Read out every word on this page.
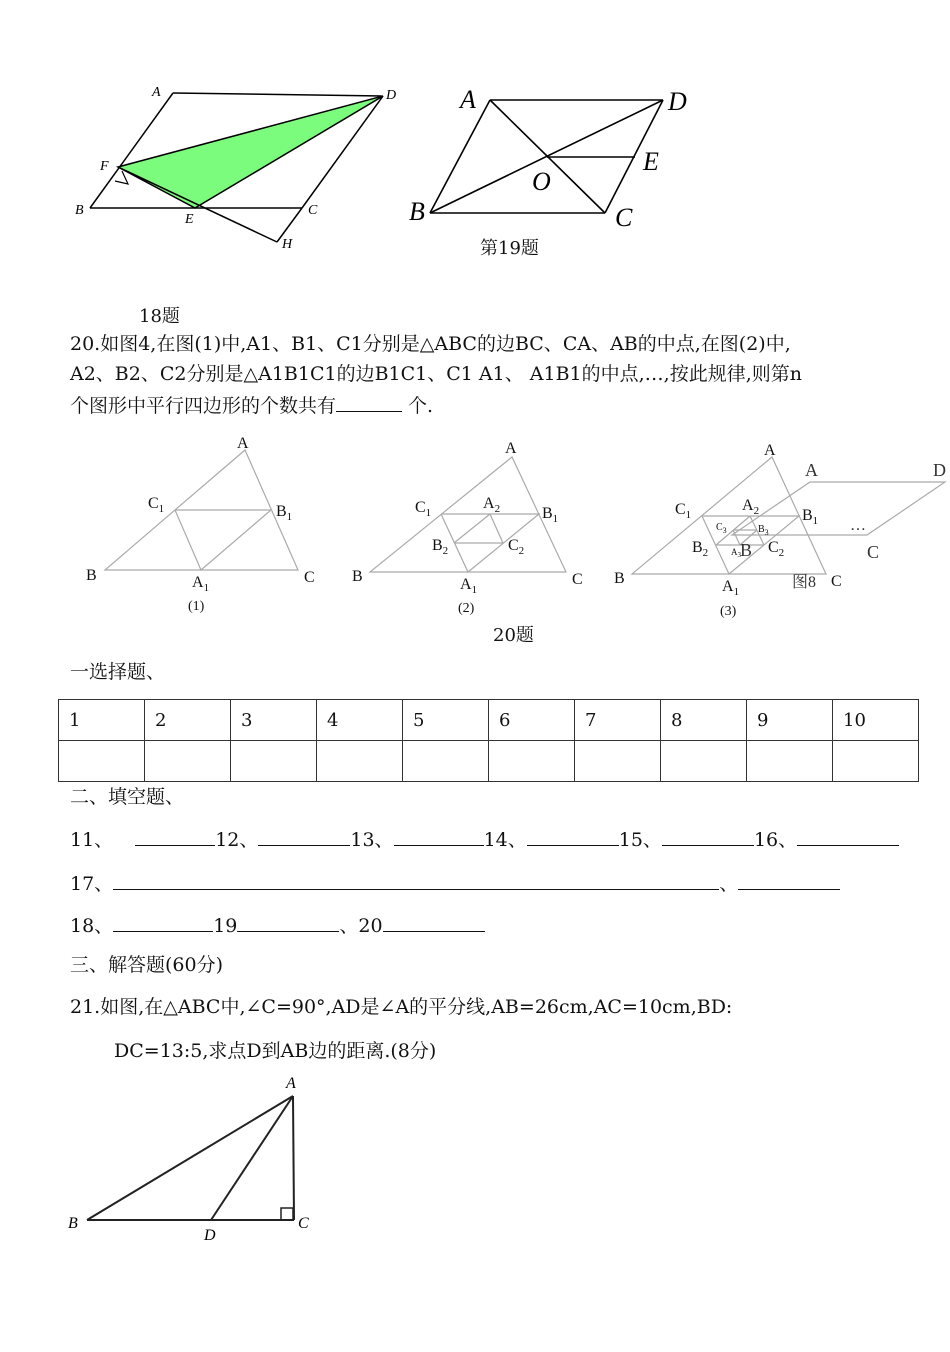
A	D
F
B
E
C
H
18题
A	D
E
O
B	C
第19题
20.如图4,在图(1)中,A1、B1、C1分别是△ABC的边BC、CA、AB的中点,在图(2)中,
A2、B2、C2分别是△A1B1C1的边B1C1、C1 A1、 A1B1的中点,…,按此规律,则第n
个图形中平行四边形的个数共有	个.
A
$C_1$	$B_1$
B	$A_1$
C
(1)
A
$C_1$
$A_2$	$B_1$
$B_2$	$C_2$
B	$A_1$
C
(2)
A
$C_1$
$A_2$	$B_1$
$C_3$	$B_3$
$B_2$	$A_3$ $C_2$
B	$A_1$
C
(3)
A	D
C
B
…
图8
20题
一选择题、
1	2	3	4	5	6	7	8	9	10

二、填空题、
11、	12、	13、	14、	15、	16、
17、	、
18、	19	、20
三、解答题(60分)
21.如图,在△ABC中,∠C=90°,AD是∠A的平分线,AB=26cm,AC=10cm,BD:
DC=13:5,求点D到AB边的距离.(8分)
A
B
D
C
